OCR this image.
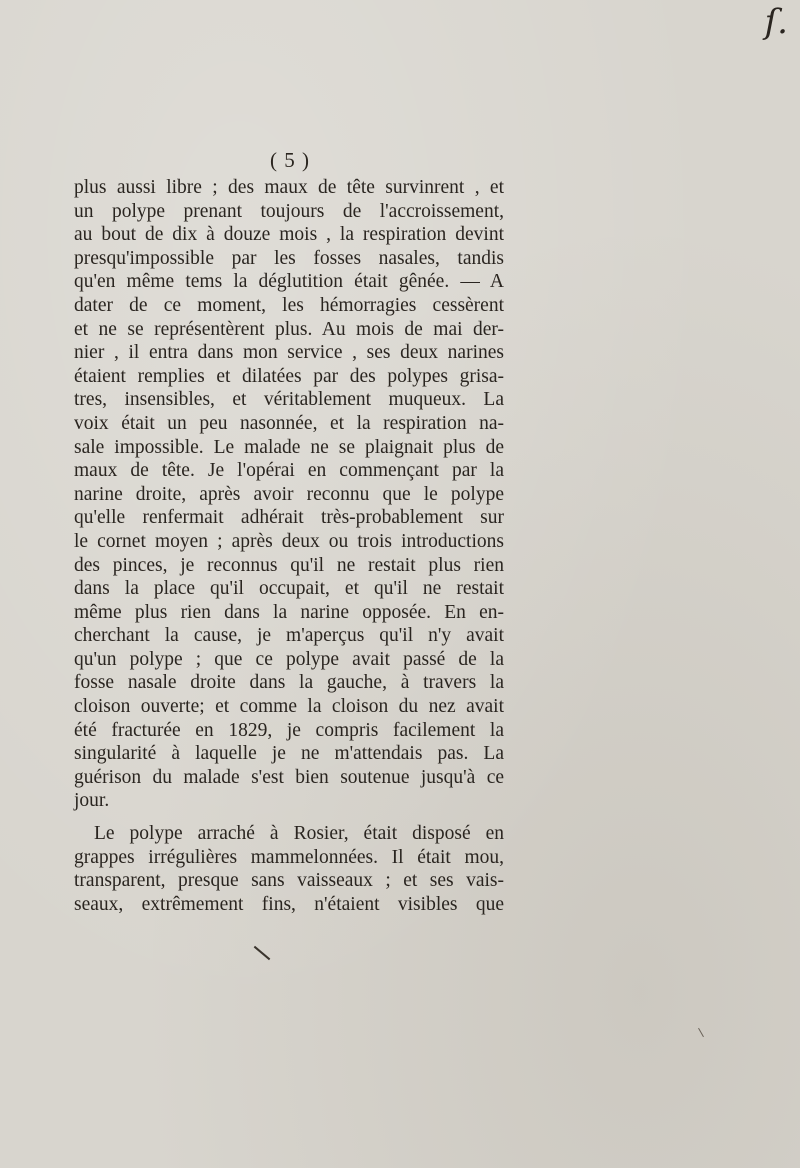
ſ.
( 5 )
plus aussi libre ; des maux de tête survinrent , et
un polype prenant toujours de l'accroissement,
au bout de dix à douze mois , la respiration devint
presqu'impossible par les fosses nasales, tandis
qu'en même tems la déglutition était gênée. — A
dater de ce moment, les hémorragies cessèrent
et ne se représentèrent plus. Au mois de mai der-
nier , il entra dans mon service , ses deux narines
étaient remplies et dilatées par des polypes grisa-
tres, insensibles, et véritablement muqueux. La
voix était un peu nasonnée, et la respiration na-
sale impossible. Le malade ne se plaignait plus de
maux de tête. Je l'opérai en commençant par la
narine droite, après avoir reconnu que le polype
qu'elle renfermait adhérait très-probablement sur
le cornet moyen ; après deux ou trois introductions
des pinces, je reconnus qu'il ne restait plus rien
dans la place qu'il occupait, et qu'il ne restait
même plus rien dans la narine opposée. En en-
cherchant la cause, je m'aperçus qu'il n'y avait
qu'un polype ; que ce polype avait passé de la
fosse nasale droite dans la gauche, à travers la
cloison ouverte; et comme la cloison du nez avait
été fracturée en 1829, je compris facilement la
singularité à laquelle je ne m'attendais pas. La
guérison du malade s'est bien soutenue jusqu'à ce
jour.
Le polype arraché à Rosier, était disposé en
grappes irrégulières mammelonnées. Il était mou,
transparent, presque sans vaisseaux ; et ses vais-
seaux, extrêmement fins, n'étaient visibles que
